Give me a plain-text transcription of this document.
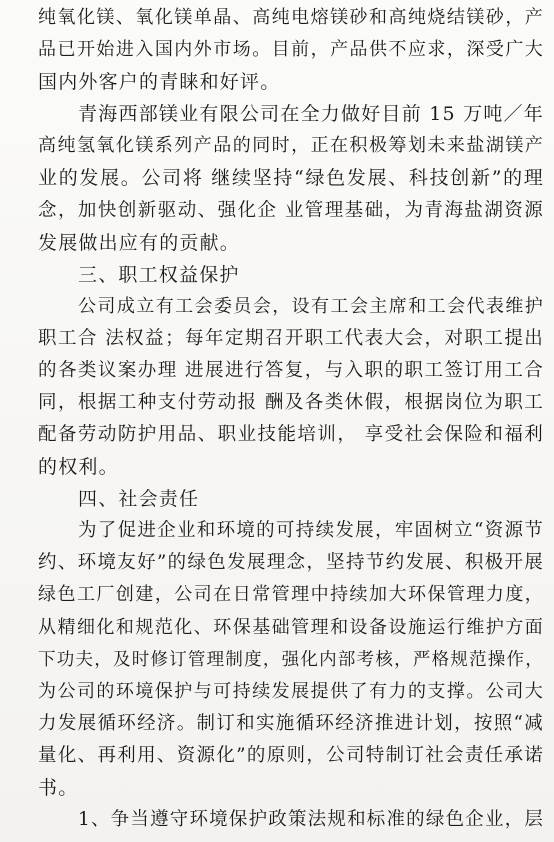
纯氧化镁、氧化镁单晶、高纯电熔镁砂和高纯烧结镁砂，产
品已开始进入国内外市场。目前，产品供不应求，深受广大
国内外客户的青睐和好评。
青海西部镁业有限公司在全力做好目前 15 万吨／年
高纯氢氧化镁系列产品的同时，正在积极筹划未来盐湖镁产
业的发展。公司将 继续坚持“绿色发展、科技创新”的理
念，加快创新驱动、强化企 业管理基础，为青海盐湖资源
发展做出应有的贡献。
三、职工权益保护
公司成立有工会委员会，设有工会主席和工会代表维护
职工合 法权益；每年定期召开职工代表大会，对职工提出
的各类议案办理 进展进行答复，与入职的职工签订用工合
同，根据工种支付劳动报 酬及各类休假，根据岗位为职工
配备劳动防护用品、职业技能培训， 享受社会保险和福利
的权利。
四、社会责任
为了促进企业和环境的可持续发展，牢固树立“资源节
约、环境友好”的绿色发展理念，坚持节约发展、积极开展
绿色工厂创建，公司在日常管理中持续加大环保管理力度，
从精细化和规范化、环保基础管理和设备设施运行维护方面
下功夫，及时修订管理制度，强化内部考核，严格规范操作，
为公司的环境保护与可持续发展提供了有力的支撑。公司大
力发展循环经济。制订和实施循环经济推进计划，按照“减
量化、再利用、资源化”的原则，公司特制订社会责任承诺
书。
1、争当遵守环境保护政策法规和标准的绿色企业，层
